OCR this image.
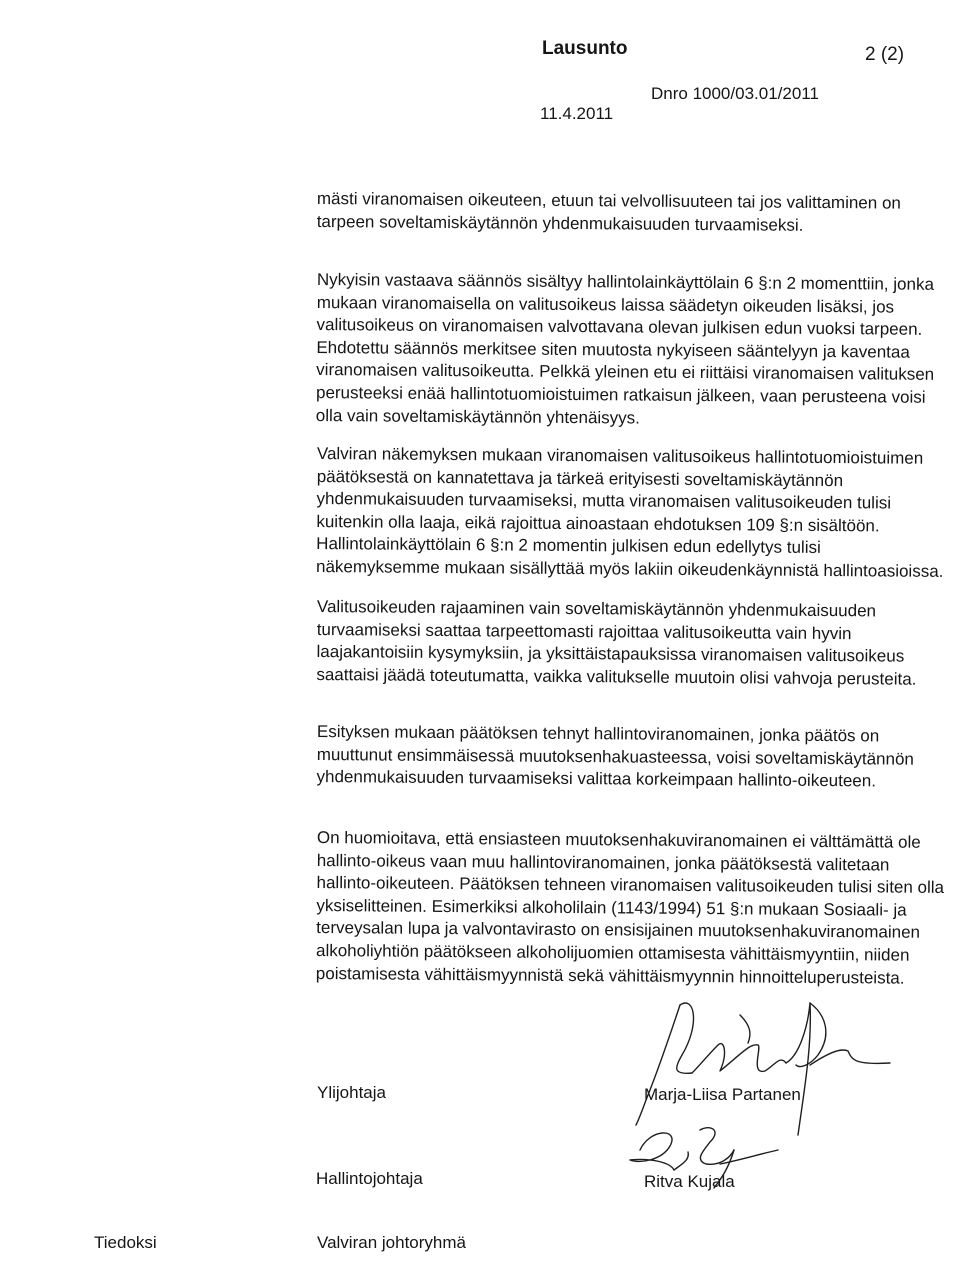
Lausunto	2 (2)
Dnro 1000/03.01/2011
11.4.2011

mästi viranomaisen oikeuteen, etuun tai velvollisuuteen tai jos valittaminen on tarpeen soveltamiskäytännön yhdenmukaisuuden turvaamiseksi.

Nykyisin vastaava säännös sisältyy hallintolainkäyttölain 6 §:n 2 momenttiin, jonka mukaan viranomaisella on valitusoikeus laissa säädetyn oikeuden lisäksi, jos valitusoikeus on viranomaisen valvottavana olevan julkisen edun vuoksi tarpeen. Ehdotettu säännös merkitsee siten muutosta nykyiseen sääntelyyn ja kaventaa viranomaisen valitusoikeutta. Pelkkä yleinen etu ei riittäisi viranomaisen valituksen perusteeksi enää hallintotuomioistuimen ratkaisun jälkeen, vaan perusteena voisi olla vain soveltamiskäytännön yhtenäisyys.

Valviran näkemyksen mukaan viranomaisen valitusoikeus hallintotuomioistuimen päätöksestä on kannatettava ja tärkeä erityisesti soveltamiskäytännön yhdenmukaisuuden turvaamiseksi, mutta viranomaisen valitusoikeuden tulisi kuitenkin olla laaja, eikä rajoittua ainoastaan ehdotuksen 109 §:n sisältöön. Hallintolainkäyttölain 6 §:n 2 momentin julkisen edun edellytys tulisi näkemyksemme mukaan sisällyttää myös lakiin oikeudenkäynnistä hallintoasioissa.

Valitusoikeuden rajaaminen vain soveltamiskäytännön yhdenmukaisuuden turvaamiseksi saattaa tarpeettomasti rajoittaa valitusoikeutta vain hyvin laajakantoisiin kysymyksiin, ja yksittäistapauksissa viranomaisen valitusoikeus saattaisi jäädä toteutumatta, vaikka valitukselle muutoin olisi vahvoja perusteita.

Esityksen mukaan päätöksen tehnyt hallintoviranomainen, jonka päätös on muuttunut ensimmäisessä muutoksenhakuasteessa, voisi soveltamiskäytännön yhdenmukaisuuden turvaamiseksi valittaa korkeimpaan hallinto-oikeuteen.

On huomioitava, että ensiasteen muutoksenhakuviranomainen ei välttämättä ole hallinto-oikeus vaan muu hallintoviranomainen, jonka päätöksestä valitetaan hallinto-oikeuteen. Päätöksen tehneen viranomaisen valitusoikeuden tulisi siten olla yksiselitteinen. Esimerkiksi alkoholilain (1143/1994) 51 §:n mukaan Sosiaali- ja terveysalan lupa ja valvontavirasto on ensisijainen muutoksenhakuviranomainen alkoholiyhtiön päätökseen alkoholijuomien ottamisesta vähittäismyyntiin, niiden poistamisesta vähittäismyynnistä sekä vähittäismyynnin hinnoitteluperusteista.

Ylijohtaja	Marja-Liisa Partanen
Hallintojohtaja	Ritva Kujala
Tiedoksi	Valviran johtoryhmä
